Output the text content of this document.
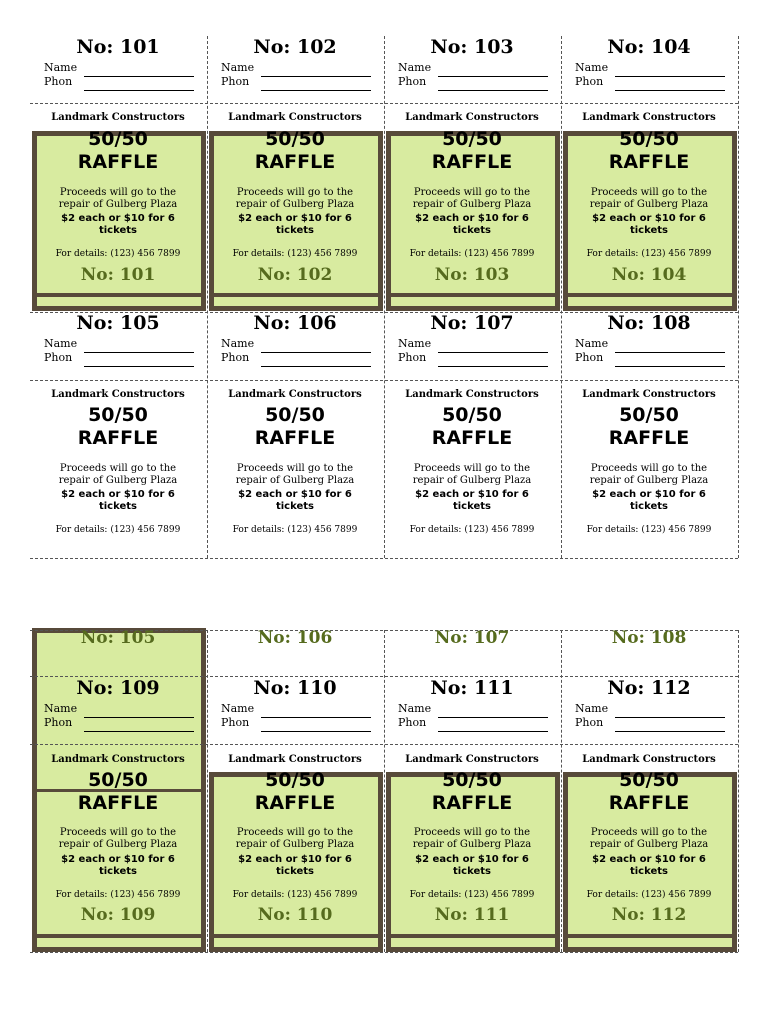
No: 101
Name
Phon
Landmark Constructors
50/50
RAFFLE
Proceeds will go to the
repair of Gulberg Plaza
$2 each or $10 for 6 tickets
For details: (123) 456 7899
No: 101
No: 102
Name
Phon
Landmark Constructors
50/50
RAFFLE
Proceeds will go to the
repair of Gulberg Plaza
$2 each or $10 for 6 tickets
For details: (123) 456 7899
No: 102
No: 103
Name
Phon
Landmark Constructors
50/50
RAFFLE
Proceeds will go to the
repair of Gulberg Plaza
$2 each or $10 for 6 tickets
For details: (123) 456 7899
No: 103
No: 104
Name
Phon
Landmark Constructors
50/50
RAFFLE
Proceeds will go to the
repair of Gulberg Plaza
$2 each or $10 for 6 tickets
For details: (123) 456 7899
No: 104
No: 105
Name
Phon
Landmark Constructors
50/50
RAFFLE
Proceeds will go to the
repair of Gulberg Plaza
$2 each or $10 for 6 tickets
For details: (123) 456 7899
No: 106
Name
Phon
Landmark Constructors
50/50
RAFFLE
Proceeds will go to the
repair of Gulberg Plaza
$2 each or $10 for 6 tickets
For details: (123) 456 7899
No: 107
Name
Phon
Landmark Constructors
50/50
RAFFLE
Proceeds will go to the
repair of Gulberg Plaza
$2 each or $10 for 6 tickets
For details: (123) 456 7899
No: 108
Name
Phon
Landmark Constructors
50/50
RAFFLE
Proceeds will go to the
repair of Gulberg Plaza
$2 each or $10 for 6 tickets
For details: (123) 456 7899
No: 105	No: 106	No: 107	No: 108
No: 109
Name
Phon
Landmark Constructors
50/50
RAFFLE
Proceeds will go to the
repair of Gulberg Plaza
$2 each or $10 for 6 tickets
For details: (123) 456 7899
No: 109
No: 110
Name
Phon
Landmark Constructors
50/50
RAFFLE
Proceeds will go to the
repair of Gulberg Plaza
$2 each or $10 for 6 tickets
For details: (123) 456 7899
No: 110
No: 111
Name
Phon
Landmark Constructors
50/50
RAFFLE
Proceeds will go to the
repair of Gulberg Plaza
$2 each or $10 for 6 tickets
For details: (123) 456 7899
No: 111
No: 112
Name
Phon
Landmark Constructors
50/50
RAFFLE
Proceeds will go to the
repair of Gulberg Plaza
$2 each or $10 for 6 tickets
For details: (123) 456 7899
No: 112
